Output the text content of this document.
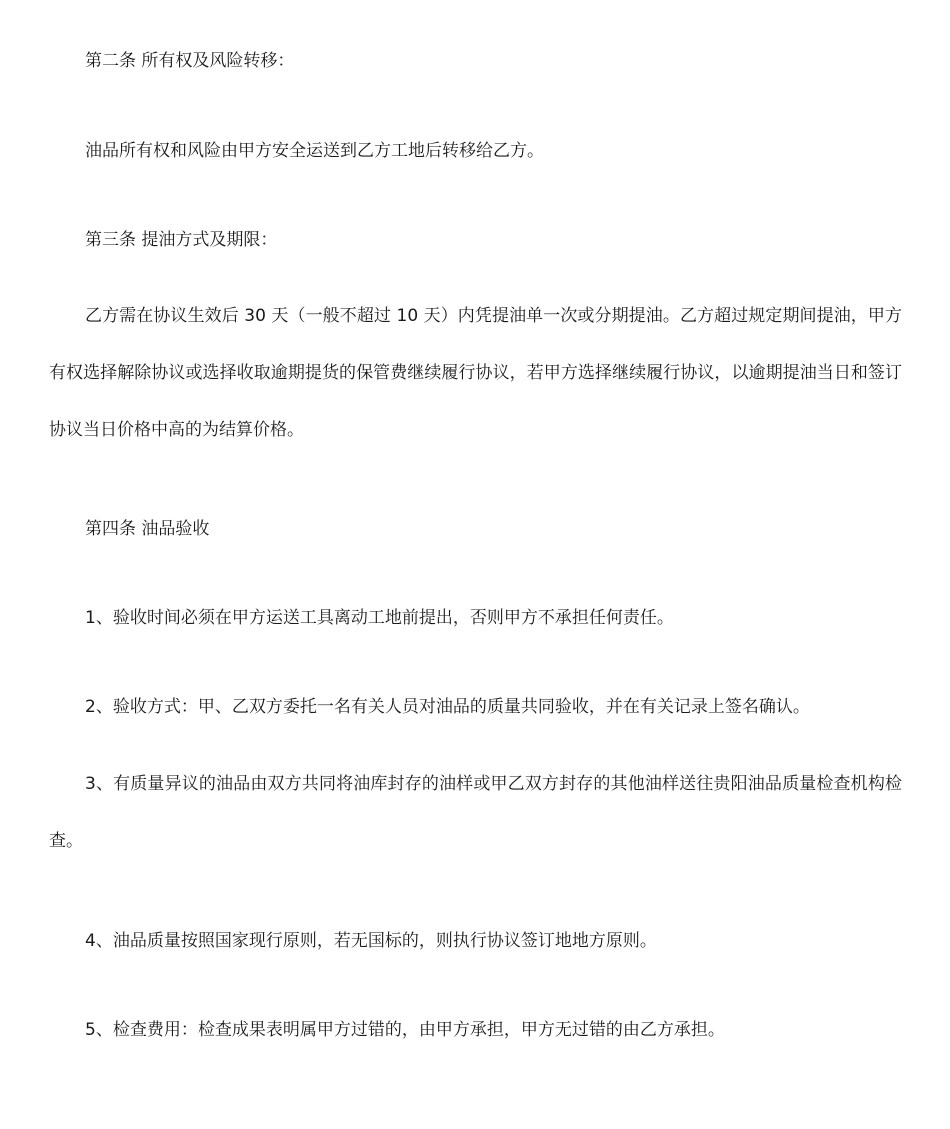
第二条 所有权及风险转移：

油品所有权和风险由甲方安全运送到乙方工地后转移给乙方。

第三条 提油方式及期限：

乙方需在协议生效后 30 天（一般不超过 10 天）内凭提油单一次或分期提油。乙方超过规定期间提油，甲方有权选择解除协议或选择收取逾期提货的保管费继续履行协议，若甲方选择继续履行协议，以逾期提油当日和签订协议当日价格中高的为结算价格。

第四条 油品验收

1、验收时间必须在甲方运送工具离动工地前提出，否则甲方不承担任何责任。

2、验收方式：甲、乙双方委托一名有关人员对油品的质量共同验收，并在有关记录上签名确认。

3、有质量异议的油品由双方共同将油库封存的油样或甲乙双方封存的其他油样送往贵阳油品质量检查机构检查。

4、油品质量按照国家现行原则，若无国标的，则执行协议签订地地方原则。

5、检查费用：检查成果表明属甲方过错的，由甲方承担，甲方无过错的由乙方承担。
